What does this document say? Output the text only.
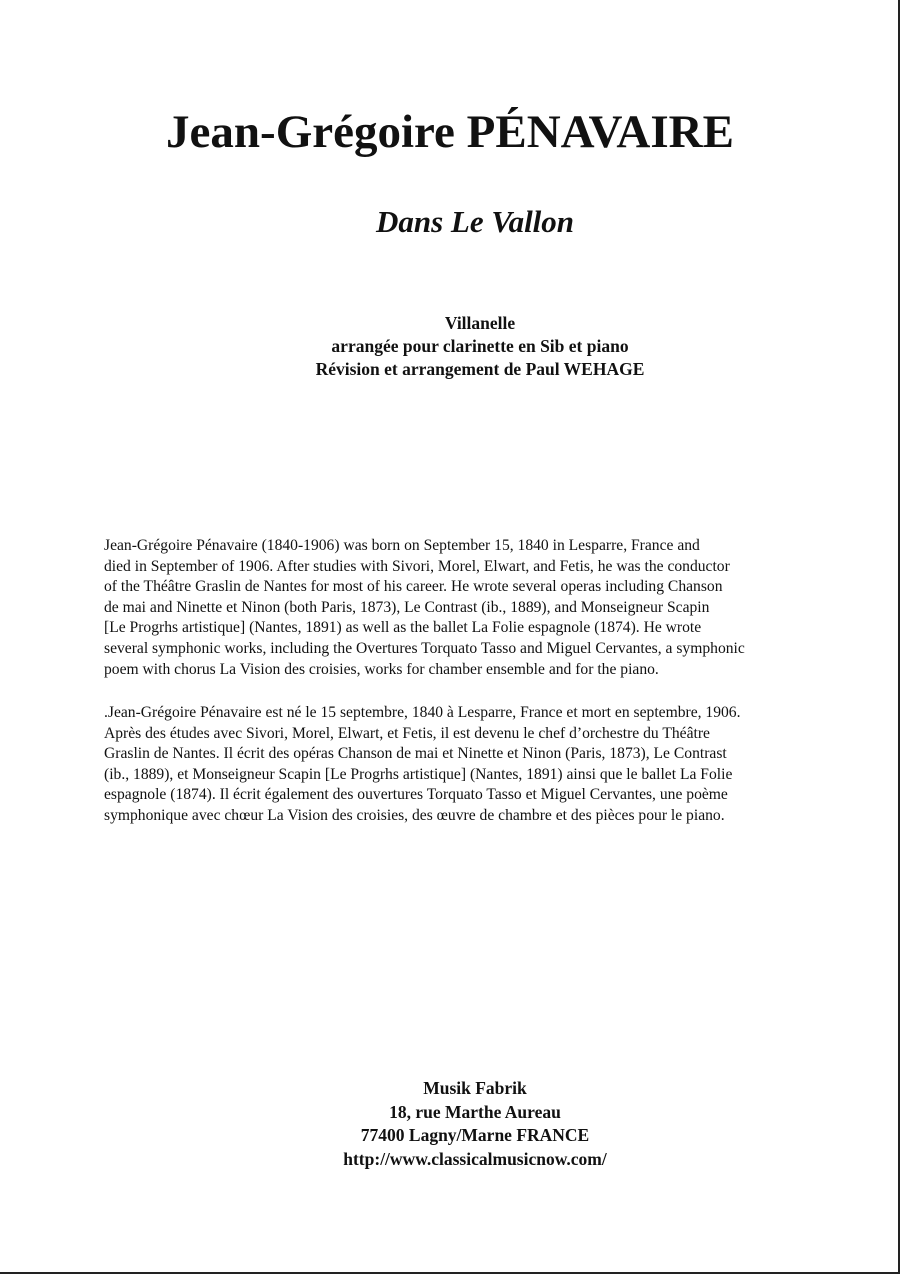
Jean-Grégoire PÉNAVAIRE
Dans Le Vallon
Villanelle
arrangée pour clarinette en Sib et piano
Révision et arrangement de Paul WEHAGE

Jean-Grégoire Pénavaire (1840-1906) was born on September 15, 1840 in Lesparre, France and
died in September of 1906. After studies with Sivori, Morel, Elwart, and Fetis, he was the conductor
of the Théâtre Graslin de Nantes for most of his career. He wrote several operas including Chanson
de mai and Ninette et Ninon (both Paris, 1873), Le Contrast (ib., 1889), and Monseigneur Scapin
[Le Progrhs artistique] (Nantes, 1891) as well as the ballet La Folie espagnole (1874). He wrote
several symphonic works, including the Overtures Torquato Tasso and Miguel Cervantes, a symphonic
poem with chorus La Vision des croisies, works for chamber ensemble and for the piano.

.Jean-Grégoire Pénavaire est né le 15 septembre, 1840 à Lesparre, France et mort en septembre, 1906.
Après des études avec Sivori, Morel, Elwart, et Fetis, il est devenu le chef d’orchestre du Théâtre
Graslin de Nantes. Il écrit des opéras Chanson de mai et Ninette et Ninon (Paris, 1873), Le Contrast
(ib., 1889), et Monseigneur Scapin [Le Progrhs artistique] (Nantes, 1891) ainsi que le ballet La Folie
espagnole (1874). Il écrit également des ouvertures Torquato Tasso et Miguel Cervantes, une poème
symphonique avec chœur La Vision des croisies, des œuvre de chambre et des pièces pour le piano.

Musik Fabrik
18, rue Marthe Aureau
77400 Lagny/Marne FRANCE
http://www.classicalmusicnow.com/
